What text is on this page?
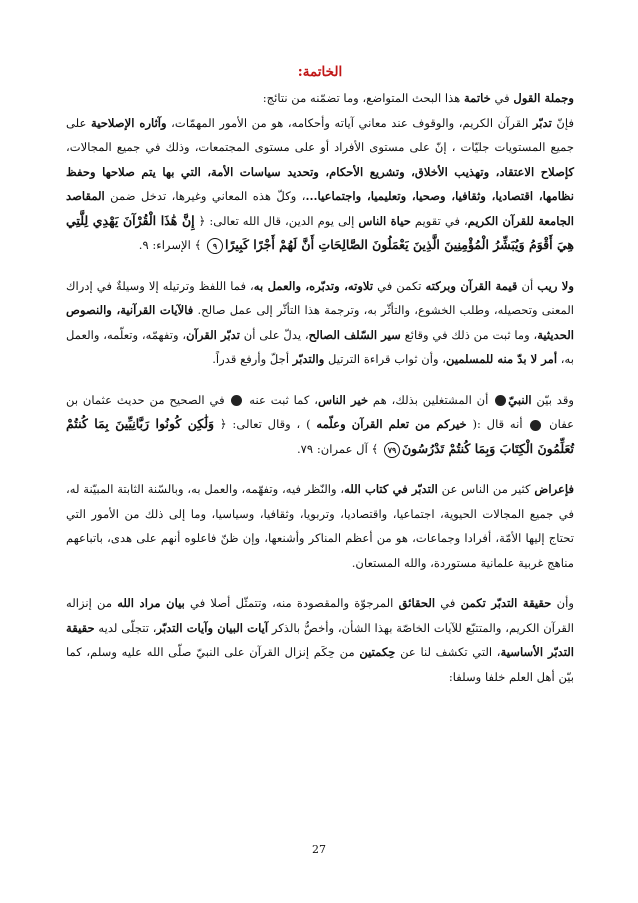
الخاتمة:

وجملة القول في خاتمة هذا البحث المتواضع، وما تضمّنه من نتائج:

فإنّ تدبّر القرآن الكريم، والوقوف عند معاني آياته وأحكامه، هو من الأمور المهمّات، وآثاره الإصلاحية على جميع المستويات جليّات ، إنّ على مستوى الأفراد أو على مستوى المجتمعات، وذلك في جميع المجالات، كإصلاح الاعتقاد، وتهذيب الأخلاق، وتشريع الأحكام، وتحديد سياسات الأمة، التي بها يتم صلاحها وحفظ نظامها، اقتصاديا، وثقافيا، وصحيا، وتعليميا، واجتماعيا...، وكلّ هذه المعاني وغيرها، تدخل ضمن المقاصد الجامعة للقرآن الكريم، في تقويم حياة الناس إلى يوم الدين، قال الله تعالى: ﴿ إِنَّ هَٰذَا الْقُرْآنَ يَهْدِي لِلَّتِي هِيَ أَقْوَمُ وَيُبَشِّرُ الْمُؤْمِنِينَ الَّذِينَ يَعْمَلُونَ الصَّالِحَاتِ أَنَّ لَهُمْ أَجْرًا كَبِيرًا٩ ﴾ الإسراء: ٩.

ولا ريب أن قيمة القرآن وبركته تكمن في تلاوته، وتدبّره، والعمل به، فما اللفظ وترتيله إلا وسيلةٌ في إدراك المعنى وتحصيله، وطلب الخشوع، والتأثّر به، وترجمة هذا التأثّر إلى عمل صالح. فالآيات القرآنية، والنصوص الحديثية، وما ثبت من ذلك في وقائع سير السّلف الصالح، يدلّ على أن تدبّر القرآن، وتفهمّه، وتعلّمه، والعمل به، أمر لا بدّ منه للمسلمين، وأن ثواب قراءة الترتيل والتدبّر أجلّ وأرفع قدراً.

وقد بيّن النبيّ أن المشتغلين بذلك، هم خير الناس، كما ثبت عنه  في الصحيح من حديث عثمان بن عفان  أنه قال :( خيركم من تعلم القرآن وعلّمه ) ، وقال تعالى: ﴿ وَلَٰكِن كُونُوا رَبَّانِيِّينَ بِمَا كُنتُمْ تُعَلِّمُونَ الْكِتَابَ وَبِمَا كُنتُمْ تَدْرُسُونَ٧٩ ﴾ آل عمران: ٧٩.

فإعراض كثير من الناس عن التدبّر في كتاب الله، والنّظر فيه، وتفهّمه، والعمل به، وبالسّنة الثابتة المبيّنة له، في جميع المجالات الحيوية، اجتماعيا، واقتصاديا، وتربويا، وثقافيا، وسياسيا، وما إلى ذلك من الأمور التي تحتاج إليها الأمّة، أفرادا وجماعات، هو من أعظم المناكر وأشنعها، وإن ظنّ فاعلوه أنهم على هدى، باتباعهم مناهج غربية علمانية مستوردة، والله المستعان.

وأن حقيقة التدبّر تكمن في الحقائق المرجوّة والمقصودة منه، وتتمثّل أصلا في بيان مراد الله من إنزاله القرآن الكريم، والمتتبّع للآيات الخاصّة بهذا الشأن، وأخصُّ بالذكر آيات البيان وآيات التدبّر، تتجلّى لديه حقيقة التدبّر الأساسية، التي تكشف لنا عن حِكمتين من حِكَم إنزال القرآن على النبيّ صلّى الله عليه وسلم، كما بيّن أهل العلم خلفا وسلفا:

27
